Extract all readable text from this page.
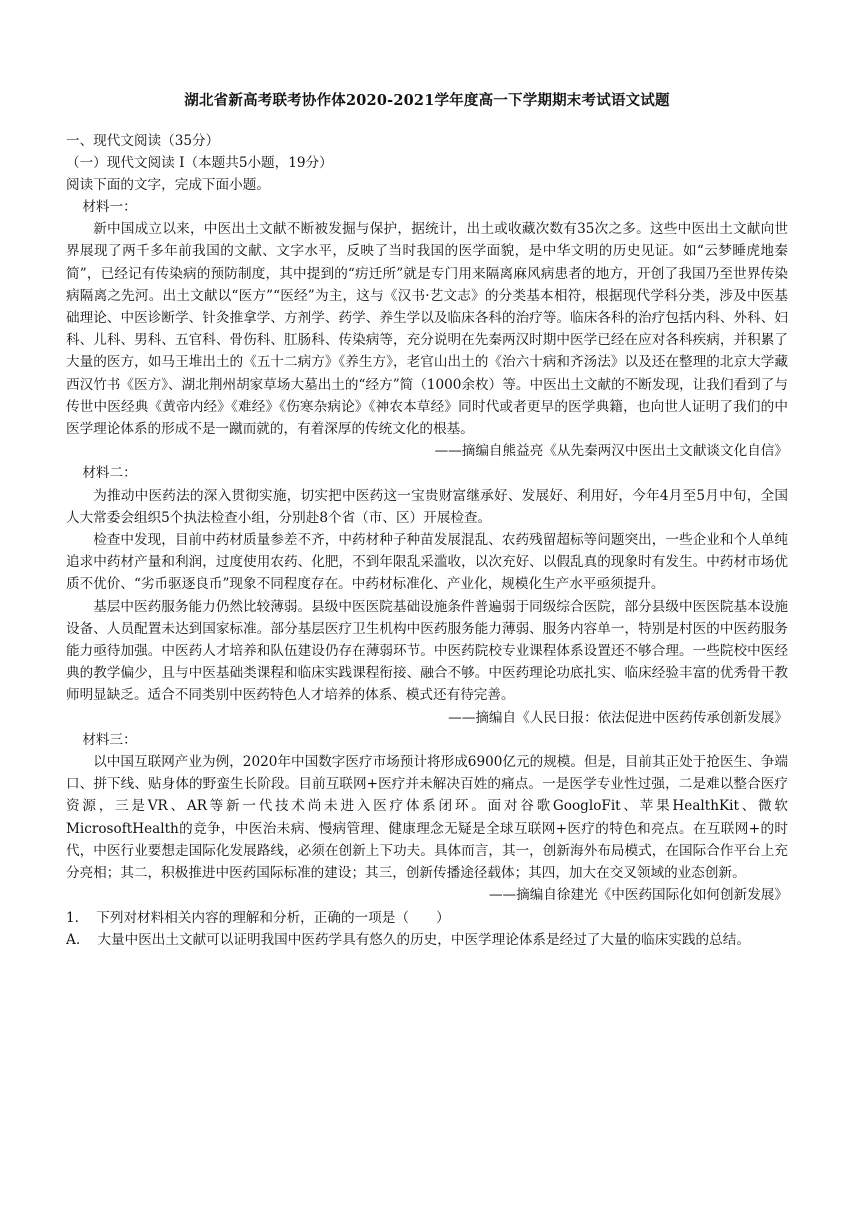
湖北省新高考联考协作体2020-2021学年度高一下学期期末考试语文试题

一、现代文阅读（35分）

（一）现代文阅读 I（本题共5小题，19分）

阅读下面的文字，完成下面小题。

材料一：

新中国成立以来，中医出土文献不断被发掘与保护，据统计，出土或收藏次数有35次之多。这些中医出土文献向世界展现了两千多年前我国的文献、文字水平，反映了当时我国的医学面貌，是中华文明的历史见证。如“云梦睡虎地秦简”，已经记有传染病的预防制度，其中提到的“疠迁所”就是专门用来隔离麻风病患者的地方，开创了我国乃至世界传染病隔离之先河。出土文献以“医方”“医经”为主，这与《汉书·艺文志》的分类基本相符，根据现代学科分类，涉及中医基础理论、中医诊断学、针灸推拿学、方剂学、药学、养生学以及临床各科的治疗等。临床各科的治疗包括内科、外科、妇科、儿科、男科、五官科、骨伤科、肛肠科、传染病等，充分说明在先秦两汉时期中医学已经在应对各科疾病，并积累了大量的医方，如马王堆出土的《五十二病方》《养生方》，老官山出土的《治六十病和齐汤法》以及还在整理的北京大学藏西汉竹书《医方》、湖北荆州胡家草场大墓出土的“经方”简（1000余枚）等。中医出土文献的不断发现，让我们看到了与传世中医经典《黄帝内经》《难经》《伤寒杂病论》《神农本草经》同时代或者更早的医学典籍，也向世人证明了我们的中医学理论体系的形成不是一蹴而就的，有着深厚的传统文化的根基。

——摘编自熊益亮《从先秦两汉中医出土文献谈文化自信》

材料二：

为推动中医药法的深入贯彻实施，切实把中医药这一宝贵财富继承好、发展好、利用好，今年4月至5月中旬，全国人大常委会组织5个执法检查小组，分别赴8个省（市、区）开展检查。

检查中发现，目前中药材质量参差不齐，中药材种子种苗发展混乱、农药残留超标等问题突出，一些企业和个人单纯追求中药材产量和利润，过度使用农药、化肥，不到年限乱采滥收，以次充好、以假乱真的现象时有发生。中药材市场优质不优价、“劣币驱逐良币”现象不同程度存在。中药材标准化、产业化，规模化生产水平亟须提升。

基层中医药服务能力仍然比较薄弱。县级中医医院基础设施条件普遍弱于同级综合医院，部分县级中医医院基本设施设备、人员配置未达到国家标准。部分基层医疗卫生机构中医药服务能力薄弱、服务内容单一，特别是村医的中医药服务能力亟待加强。中医药人才培养和队伍建设仍存在薄弱环节。中医药院校专业课程体系设置还不够合理。一些院校中医经典的教学偏少，且与中医基础类课程和临床实践课程衔接、融合不够。中医药理论功底扎实、临床经验丰富的优秀骨干教师明显缺乏。适合不同类别中医药特色人才培养的体系、模式还有待完善。

——摘编自《人民日报：依法促进中医药传承创新发展》

材料三：

以中国互联网产业为例，2020年中国数字医疗市场预计将形成6900亿元的规模。但是，目前其正处于抢医生、争端口、拼下线、贴身体的野蛮生长阶段。目前互联网+医疗并未解决百姓的痛点。一是医学专业性过强，二是难以整合医疗资源，三是VR、AR等新一代技术尚未进入医疗体系闭环。面对谷歌GoogloFit、苹果HealthKit、微软MicrosoftHealth的竞争，中医治未病、慢病管理、健康理念无疑是全球互联网+医疗的特色和亮点。在互联网+的时代，中医行业要想走国际化发展路线，必须在创新上下功夫。具体而言，其一，创新海外布局模式，在国际合作平台上充分亮相；其二，积极推进中医药国际标准的建设；其三，创新传播途径载体；其四，加大在交叉领域的业态创新。

——摘编自徐建光《中医药国际化如何创新发展》

1. 下列对材料相关内容的理解和分析，正确的一项是（　　）

A. 大量中医出土文献可以证明我国中医药学具有悠久的历史，中医学理论体系是经过了大量的临床实践的总结。
